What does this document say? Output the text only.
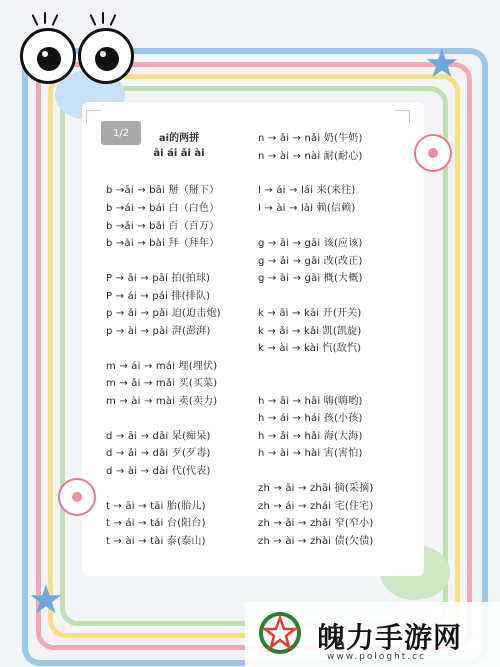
1/2	ai的两拼
āi ái ǎi ài
b →āi → bāi 掰（掰下）
b →ái → bái 白（白色）
b →ǎi → bǎi 百（百万）
b →ài → bài 拜（拜年）
P → āi → pāi 拍(拍球)
P → ái → pái 排(排队)
p → ǎi → pǎi 迫(迫击炮)
p → ài → pài 湃(澎湃)
m → ái → mái 埋(埋伏)
m → ǎi → mǎi 买(买菜)
m → ài → mài 卖(卖力)
d → āi → dāi 呆(痴呆)
d → ǎi → dǎi 歹(歹毒)
d → ài → dài 代(代表)
t → āi → tāi 胎(胎儿)
t → ái → tái 台(阳台)
t → ài → tài 泰(泰山)
n → ǎi → nǎi 奶(牛奶)
n → ài → nài 耐(耐心)
l → ái → lái 来(来往)
l → ài → lài 赖(信赖)
g → āi → gāi 该(应该)
g → ǎi → gǎi 改(改正)
g → ài → gài 概(大概)
k → āi → kāi 开(开关)
k → ǎi → kǎi 凯(凯旋)
k → ài → kài 忾(敌忾)
h → āi → hāi 嗨(嗨哟)
h → ái → hái 孩(小孩)
h → ǎi → hǎi 海(大海)
h → ài → hài 害(害怕)
zh → āi → zhāi 摘(采摘)
zh → ái → zhái 宅(住宅)
zh → ǎi → zhǎi 窄(窄小)
zh → ài → zhài 债(欠债)
★
★
魄力手游网
www.pologht.cc
